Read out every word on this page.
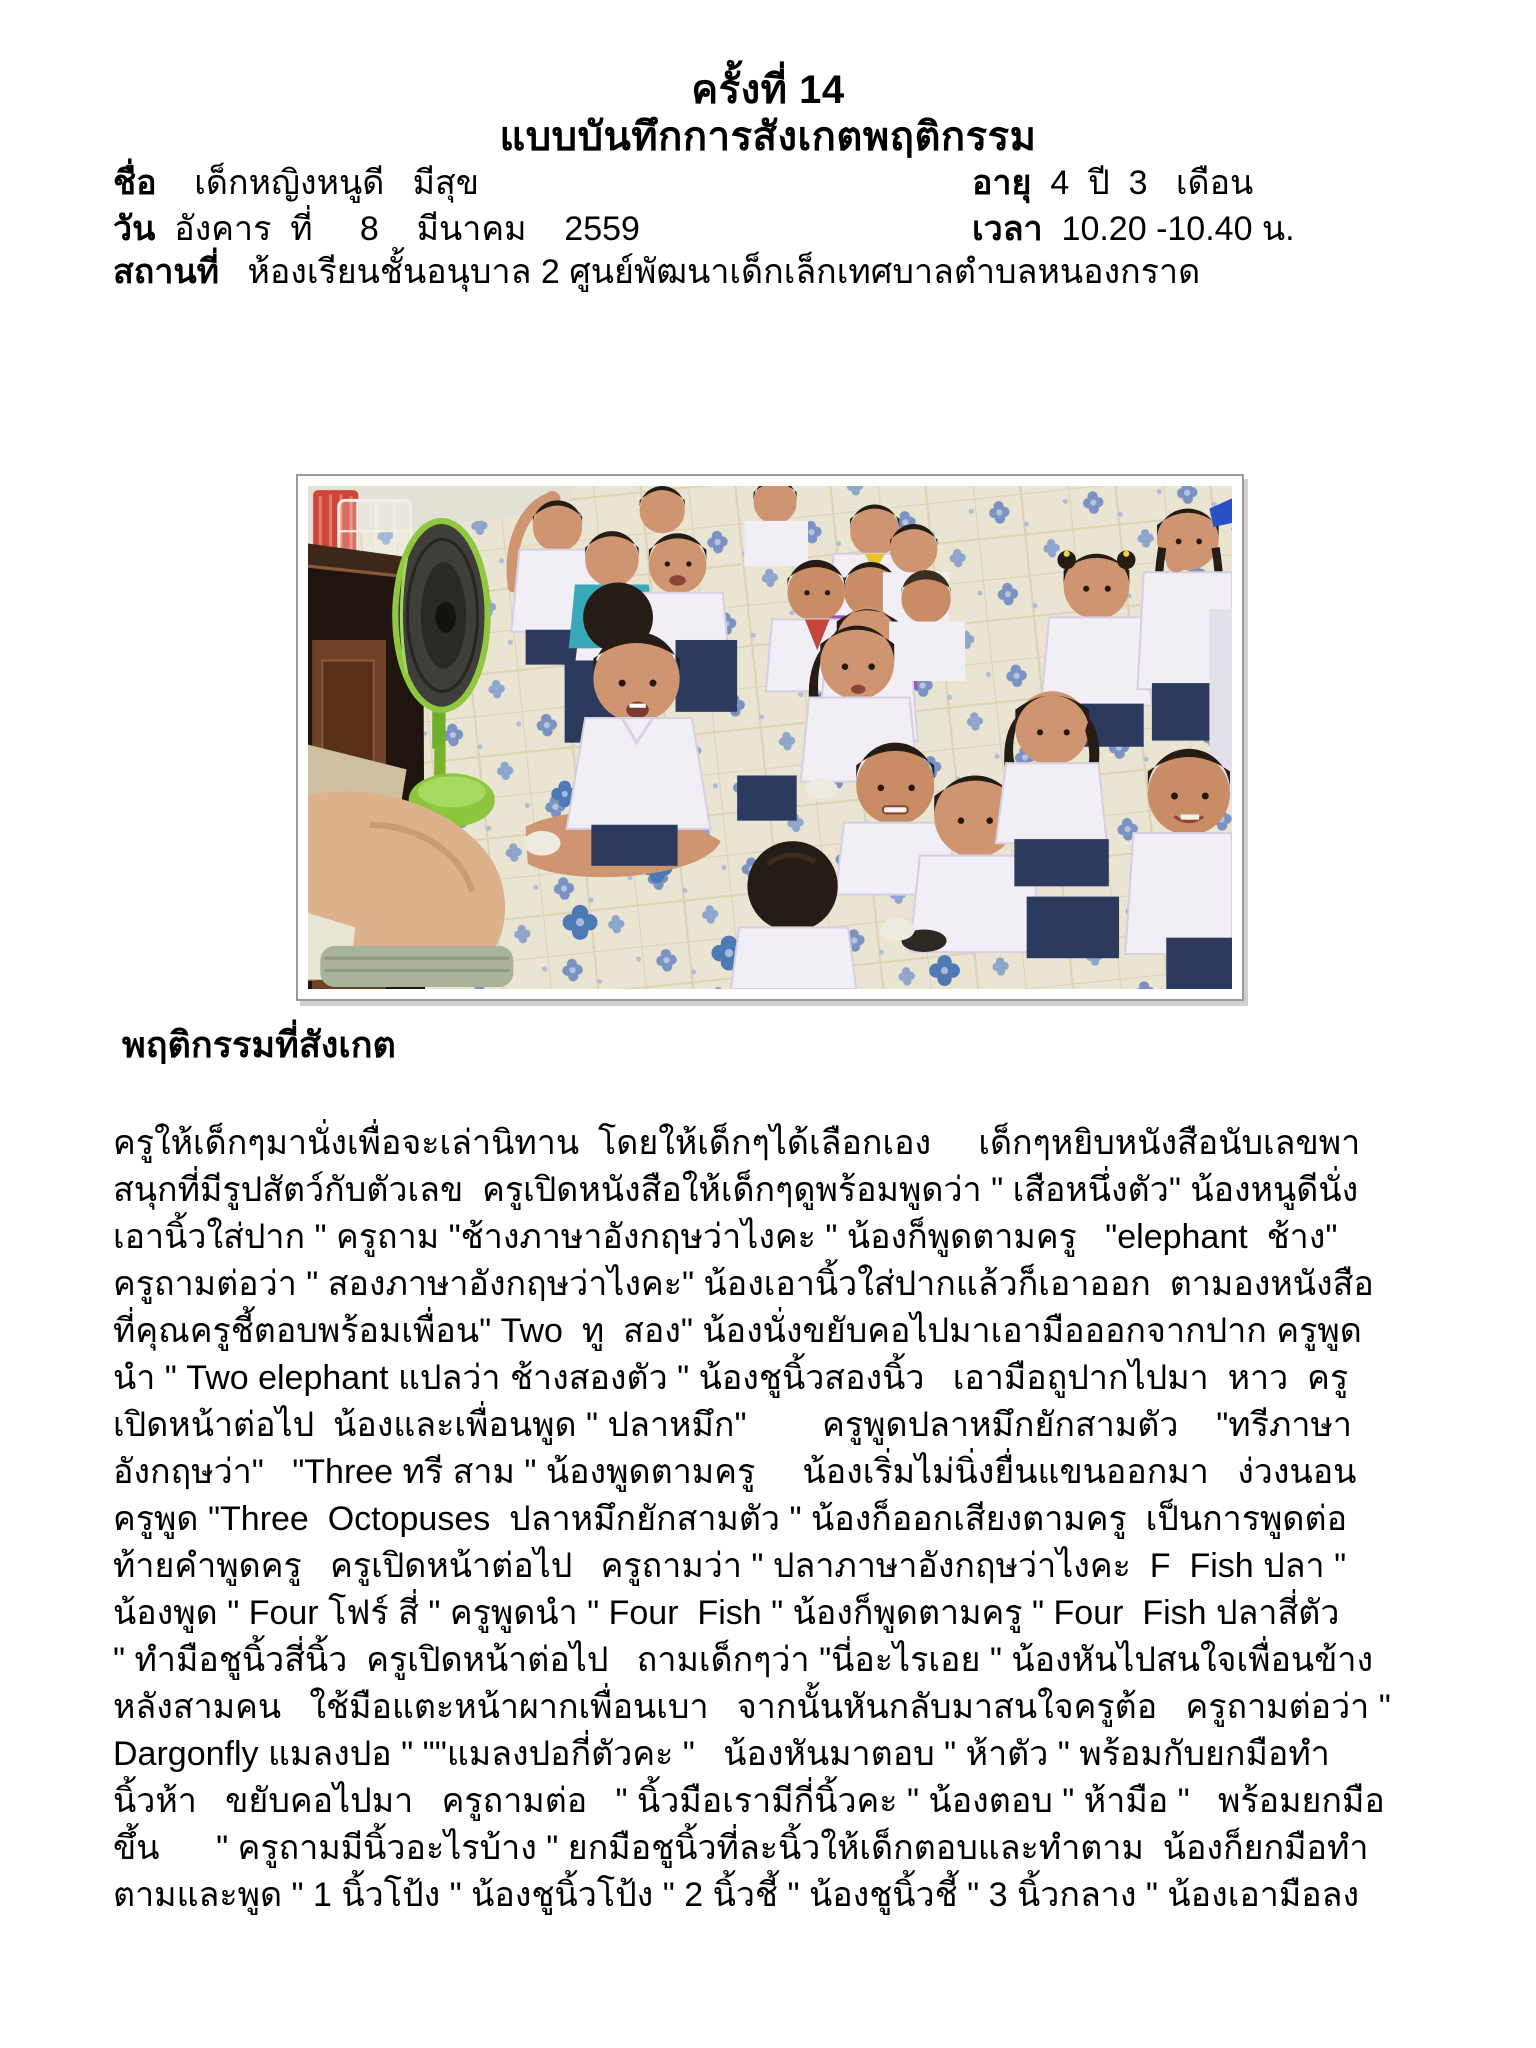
ครั้งที่ 14
แบบบันทึกการสังเกตพฤติกรรม
ชื่อ เด็กหญิงหนูดี   มีสุข	อายุ 4  ปี  3   เดือน
วัน อังคาร  ที่     8    มีนาคม    2559	เวลา 10.20 -10.40 น.
สถานที่ ห้องเรียนชั้นอนุบาล 2 ศูนย์พัฒนาเด็กเล็กเทศบาลตำบลหนองกราด
พฤติกรรมที่สังเกต
ครูให้เด็กๆมานั่งเพื่อจะเล่านิทาน  โดยให้เด็กๆได้เลือกเอง     เด็กๆหยิบหนังสือนับเลขพา
สนุกที่มีรูปสัตว์กับตัวเลข  ครูเปิดหนังสือให้เด็กๆดูพร้อมพูดว่า " เสือหนึ่งตัว" น้องหนูดีนั่ง
เอานิ้วใส่ปาก " ครูถาม "ช้างภาษาอังกฤษว่าไงคะ " น้องก็พูดตามครู   "elephant  ช้าง"
ครูถามต่อว่า " สองภาษาอังกฤษว่าไงคะ" น้องเอานิ้วใส่ปากแล้วก็เอาออก  ตามองหนังสือ
ที่คุณครูชี้ตอบพร้อมเพื่อน" Two  ทู  สอง" น้องนั่งขยับคอไปมาเอามือออกจากปาก ครูพูด
นำ " Two elephant แปลว่า ช้างสองตัว " น้องชูนิ้วสองนิ้ว   เอามือถูปากไปมา  หาว  ครู
เปิดหน้าต่อไป  น้องและเพื่อนพูด " ปลาหมึก"        ครูพูดปลาหมึกยักสามตัว    "ทรีภาษา
อังกฤษว่า"   "Three ทรี สาม " น้องพูดตามครู     น้องเริ่มไม่นิ่งยื่นแขนออกมา   ง่วงนอน
ครูพูด "Three  Octopuses  ปลาหมึกยักสามตัว " น้องก็ออกเสียงตามครู  เป็นการพูดต่อ
ท้ายคำพูดครู   ครูเปิดหน้าต่อไป   ครูถามว่า " ปลาภาษาอังกฤษว่าไงคะ  F  Fish ปลา "
น้องพูด " Four โฟร์ สี่ " ครูพูดนำ " Four  Fish " น้องก็พูดตามครู " Four  Fish ปลาสี่ตัว
" ทำมือชูนิ้วสี่นิ้ว  ครูเปิดหน้าต่อไป   ถามเด็กๆว่า "นี่อะไรเอย " น้องหันไปสนใจเพื่อนข้าง
หลังสามคน   ใช้มือแตะหน้าผากเพื่อนเบา   จากนั้นหันกลับมาสนใจครูต้อ   ครูถามต่อว่า "
Dargonfly แมลงปอ " ""แมลงปอกี่ตัวคะ "   น้องหันมาตอบ " ห้าตัว " พร้อมกับยกมือทำ
นิ้วห้า   ขยับคอไปมา   ครูถามต่อ   " นิ้วมือเรามีกี่นิ้วคะ " น้องตอบ " ห้ามือ "   พร้อมยกมือ
ขึ้น      " ครูถามมีนิ้วอะไรบ้าง " ยกมือชูนิ้วที่ละนิ้วให้เด็กตอบและทำตาม  น้องก็ยกมือทำ
ตามและพูด " 1 นิ้วโป้ง " น้องชูนิ้วโป้ง " 2 นิ้วชี้ " น้องชูนิ้วชี้ " 3 นิ้วกลาง " น้องเอามือลง
